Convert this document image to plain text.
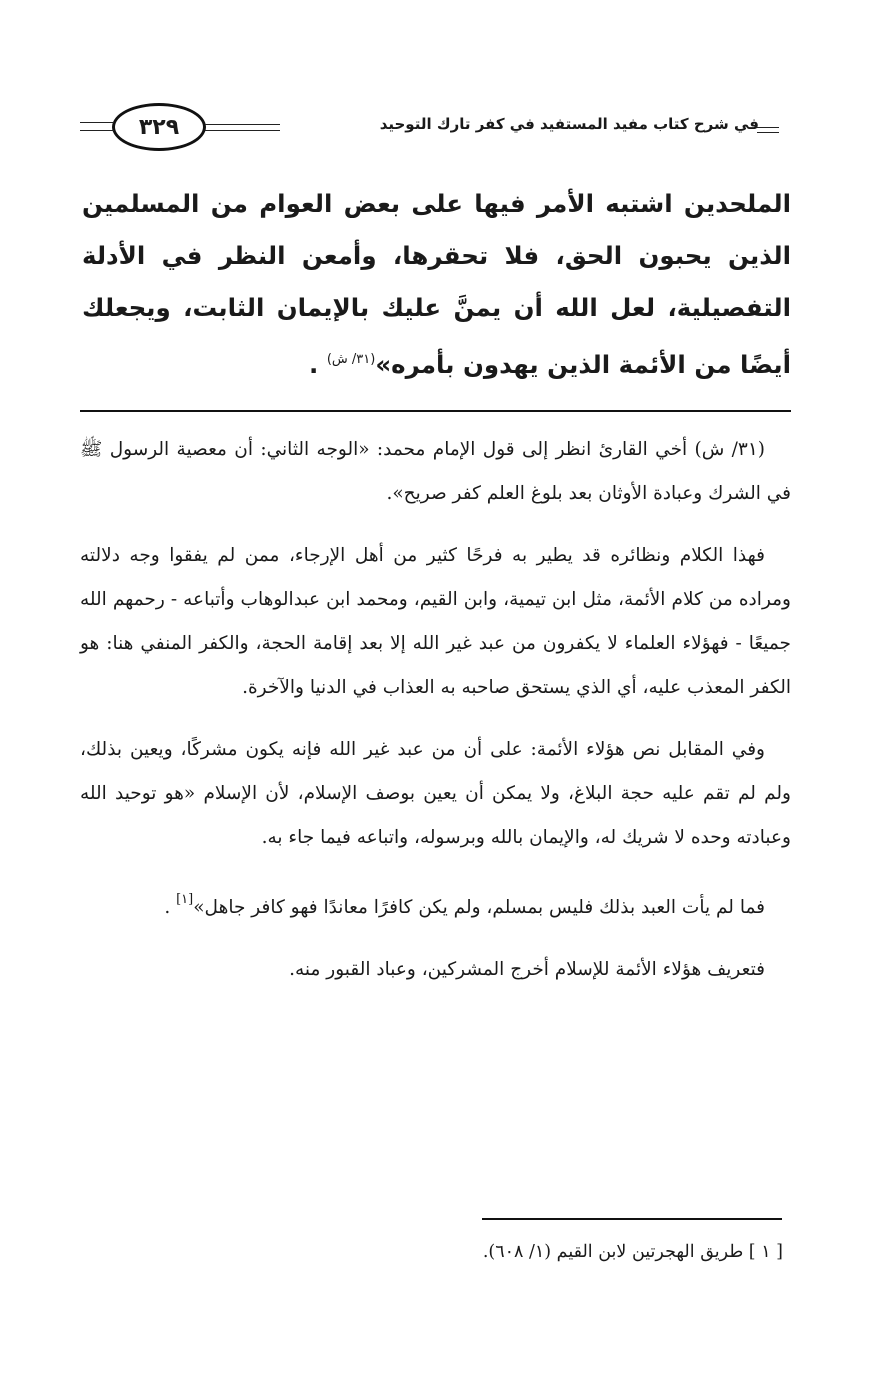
في شرح كتاب مفيد المستفيد في كفر تارك التوحيد
٣٢٩

الملحدين اشتبه الأمر فيها على بعض العوام من المسلمين الذين يحبون الحق، فلا تحقرها، وأمعن النظر في الأدلة التفصيلية، لعل الله أن يمنَّ عليك بالإيمان الثابت، ويجعلك أيضًا من الأئمة الذين يهدون بأمره»$^{(٣١/ ش)}$ .

(٣١/ ش) أخي القارئ انظر إلى قول الإمام محمد: «الوجه الثاني: أن معصية الرسول ﷺ في الشرك وعبادة الأوثان بعد بلوغ العلم كفر صريح».

فهذا الكلام ونظائره قد يطير به فرحًا كثير من أهل الإرجاء، ممن لم يفقوا وجه دلالته ومراده من كلام الأئمة، مثل ابن تيمية، وابن القيم، ومحمد ابن عبدالوهاب وأتباعه - رحمهم الله جميعًا - فهؤلاء العلماء لا يكفرون من عبد غير الله إلا بعد إقامة الحجة، والكفر المنفي هنا: هو الكفر المعذب عليه، أي الذي يستحق صاحبه به العذاب في الدنيا والآخرة.

وفي المقابل نص هؤلاء الأئمة: على أن من عبد غير الله فإنه يكون مشركًا، ويعين بذلك، ولم لم تقم عليه حجة البلاغ، ولا يمكن أن يعين بوصف الإسلام، لأن الإسلام «هو توحيد الله وعبادته وحده لا شريك له، والإيمان بالله وبرسوله، واتباعه فيما جاء به.

فما لم يأت العبد بذلك فليس بمسلم، ولم يكن كافرًا معاندًا فهو كافر جاهل»[١] .

فتعريف هؤلاء الأئمة للإسلام أخرج المشركين، وعباد القبور منه.

[ ١ ] طريق الهجرتين لابن القيم (١/ ٦٠٨).
